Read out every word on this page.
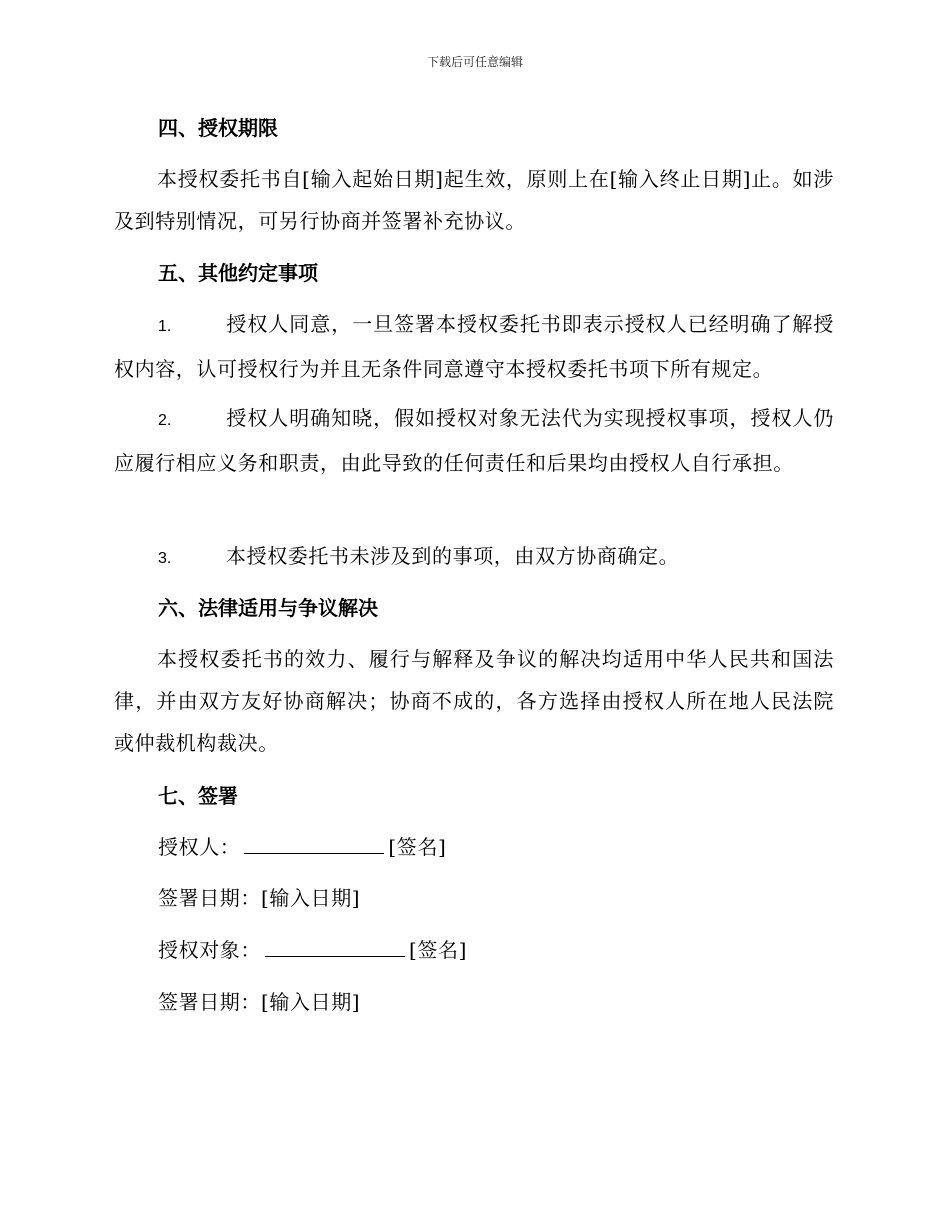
下载后可任意编辑
四、授权期限
本授权委托书自[输入起始日期]起生效，原则上在[输入终止日期]止。如涉及到特别情况，可另行协商并签署补充协议。
五、其他约定事项
1.	授权人同意，一旦签署本授权委托书即表示授权人已经明确了解授权内容，认可授权行为并且无条件同意遵守本授权委托书项下所有规定。
2.	授权人明确知晓，假如授权对象无法代为实现授权事项，授权人仍应履行相应义务和职责，由此导致的任何责任和后果均由授权人自行承担。
3.	本授权委托书未涉及到的事项，由双方协商确定。
六、法律适用与争议解决
本授权委托书的效力、履行与解释及争议的解决均适用中华人民共和国法律，并由双方友好协商解决；协商不成的，各方选择由授权人所在地人民法院或仲裁机构裁决。
七、签署
授权人：	[签名]
签署日期：[输入日期]
授权对象：	[签名]
签署日期：[输入日期]
